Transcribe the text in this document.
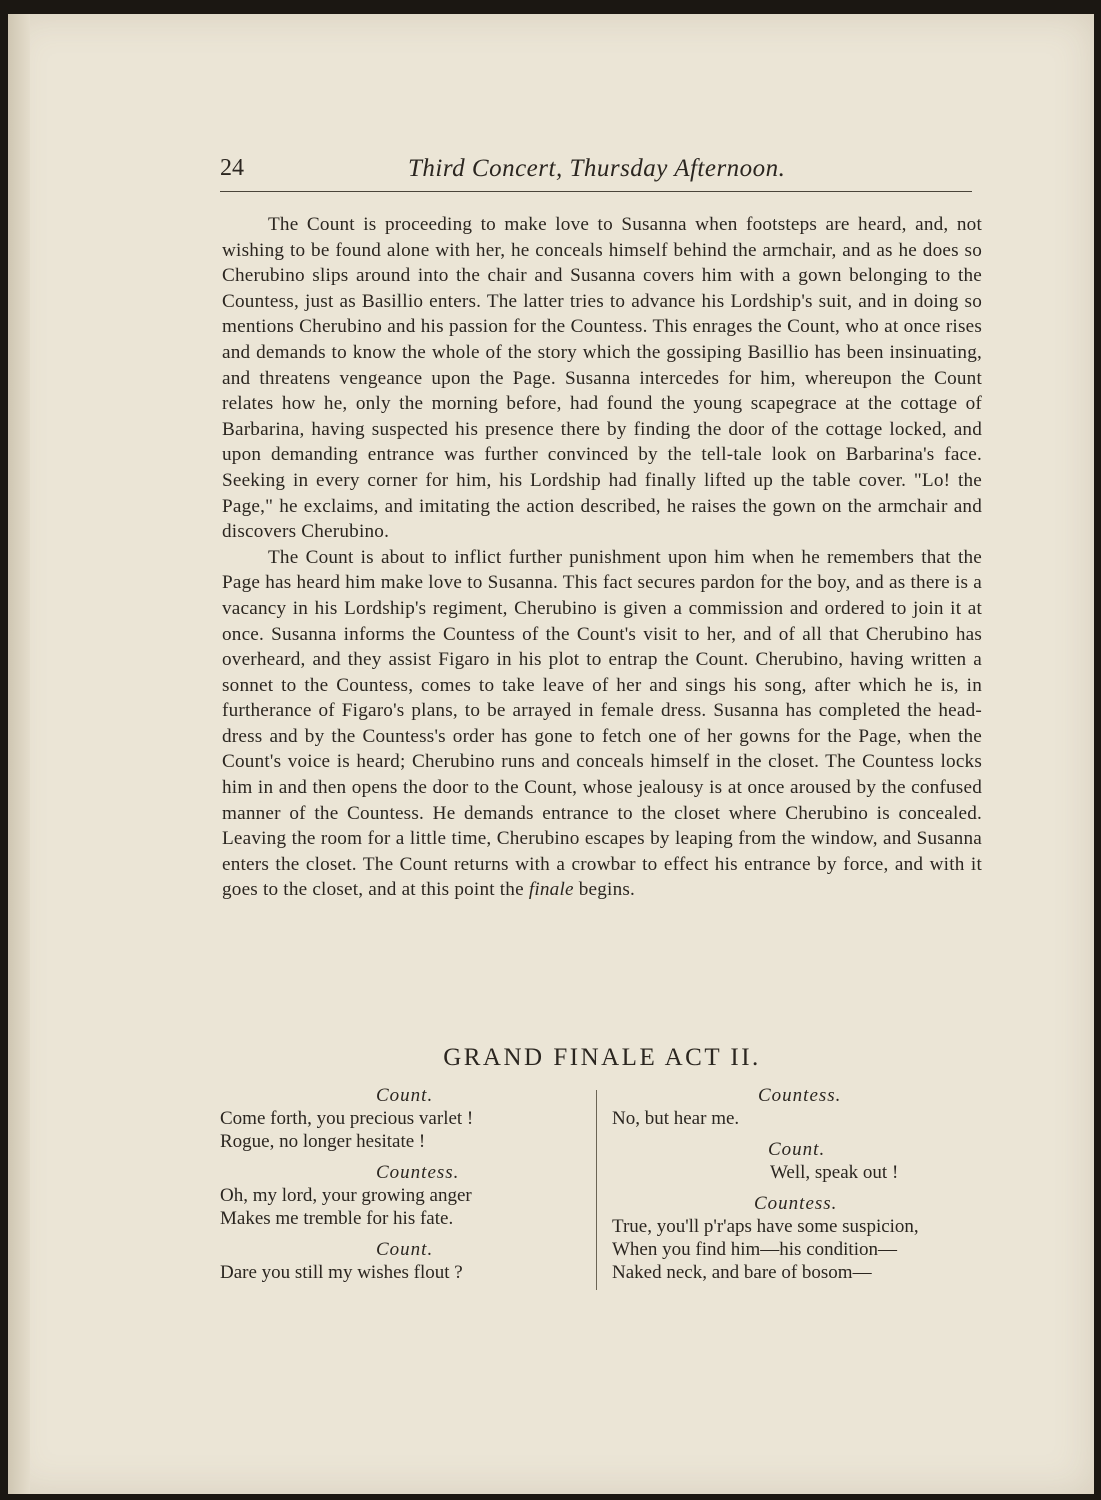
24	Third Concert, Thursday Afternoon.

The Count is proceeding to make love to Susanna when footsteps are heard, and, not wishing to be found alone with her, he conceals himself behind the armchair, and as he does so Cherubino slips around into the chair and Susanna covers him with a gown belonging to the Countess, just as Basillio enters. The latter tries to advance his Lordship's suit, and in doing so mentions Cherubino and his passion for the Countess. This enrages the Count, who at once rises and demands to know the whole of the story which the gossiping Basillio has been insinuating, and threatens vengeance upon the Page. Susanna intercedes for him, whereupon the Count relates how he, only the morning before, had found the young scapegrace at the cottage of Barbarina, having suspected his presence there by finding the door of the cottage locked, and upon demanding entrance was further convinced by the tell-tale look on Barbarina's face. Seeking in every corner for him, his Lordship had finally lifted up the table cover. "Lo! the Page," he exclaims, and imitating the action described, he raises the gown on the armchair and discovers Cherubino.

The Count is about to inflict further punishment upon him when he remembers that the Page has heard him make love to Susanna. This fact secures pardon for the boy, and as there is a vacancy in his Lordship's regiment, Cherubino is given a commission and ordered to join it at once. Susanna informs the Countess of the Count's visit to her, and of all that Cherubino has overheard, and they assist Figaro in his plot to entrap the Count. Cherubino, having written a sonnet to the Countess, comes to take leave of her and sings his song, after which he is, in furtherance of Figaro's plans, to be arrayed in female dress. Susanna has completed the head-dress and by the Countess's order has gone to fetch one of her gowns for the Page, when the Count's voice is heard; Cherubino runs and conceals himself in the closet. The Countess locks him in and then opens the door to the Count, whose jealousy is at once aroused by the confused manner of the Countess. He demands entrance to the closet where Cherubino is concealed. Leaving the room for a little time, Cherubino escapes by leaping from the window, and Susanna enters the closet. The Count returns with a crowbar to effect his entrance by force, and with it goes to the closet, and at this point the finale begins.

GRAND FINALE ACT II.

Count.

Come forth, you precious varlet !

Rogue, no longer hesitate !

Countess.

Oh, my lord, your growing anger

Makes me tremble for his fate.

Count.

Dare you still my wishes flout ?

Countess.

No, but hear me.

Count.

Well, speak out !

Countess.

True, you'll p'r'aps have some suspicion,

When you find him—his condition—

Naked neck, and bare of bosom—
